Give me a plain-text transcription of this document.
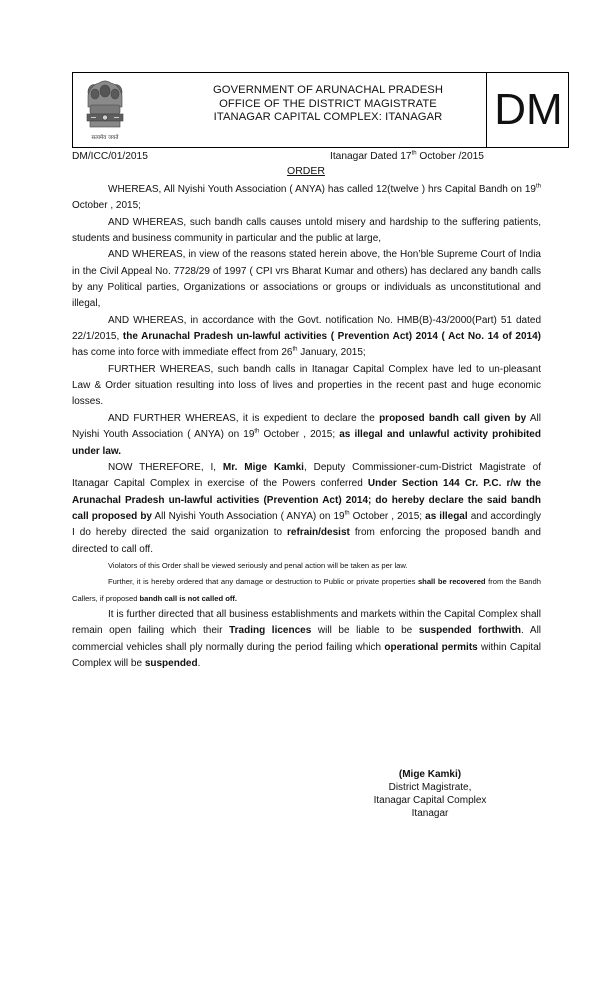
सत्यमेव जयते
GOVERNMENT OF ARUNACHAL PRADESH
OFFICE OF THE DISTRICT MAGISTRATE
ITANAGAR CAPITAL COMPLEX: ITANAGAR	DM
DM/ICC/01/2015	Itanagar Dated 17th October /2015
ORDER

WHEREAS, All Nyishi Youth Association ( ANYA) has called 12(twelve ) hrs Capital Bandh on 19th October , 2015;

AND WHEREAS, such bandh calls causes untold misery and hardship to the suffering patients, students and business community in particular and the public at large,

AND WHEREAS, in view of the reasons stated herein above, the Hon’ble Supreme Court of India in the Civil Appeal No. 7728/29 of 1997 ( CPI vrs Bharat Kumar and others) has declared any bandh calls by any Political parties, Organizations or associations or groups or individuals as unconstitutional and illegal,

AND WHEREAS, in accordance with the Govt. notification No. HMB(B)-43/2000(Part) 51 dated 22/1/2015, the Arunachal Pradesh un-lawful activities ( Prevention Act) 2014 ( Act No. 14 of 2014) has come into force with immediate effect from 26th January, 2015;

FURTHER WHEREAS, such bandh calls in Itanagar Capital Complex have led to un-pleasant Law & Order situation resulting into loss of lives and properties in the recent past and huge economic losses.

AND FURTHER WHEREAS, it is expedient to declare the proposed bandh call given by All Nyishi Youth Association ( ANYA) on 19th October , 2015; as illegal and unlawful activity prohibited under law.

NOW THEREFORE, I, Mr. Mige Kamki, Deputy Commissioner-cum-District Magistrate of Itanagar Capital Complex in exercise of the Powers conferred Under Section 144 Cr. P.C. r/w the Arunachal Pradesh un-lawful activities (Prevention Act) 2014; do hereby declare the said bandh call proposed by All Nyishi Youth Association ( ANYA) on 19th October , 2015; as illegal and accordingly I do hereby directed the said organization to refrain/desist from enforcing the proposed bandh and directed to call off.

Violators of this Order shall be viewed seriously and penal action will be taken as per law.

Further, it is hereby ordered that any damage or destruction to Public or private properties shall be recovered from the Bandh Callers, if proposed bandh call is not called off.

It is further directed that all business establishments and markets within the Capital Complex shall remain open failing which their Trading licences will be liable to be suspended forthwith. All commercial vehicles shall ply normally during the period failing which operational permits within Capital Complex will be suspended.

(Mige Kamki)
District Magistrate,
Itanagar Capital Complex
Itanagar
